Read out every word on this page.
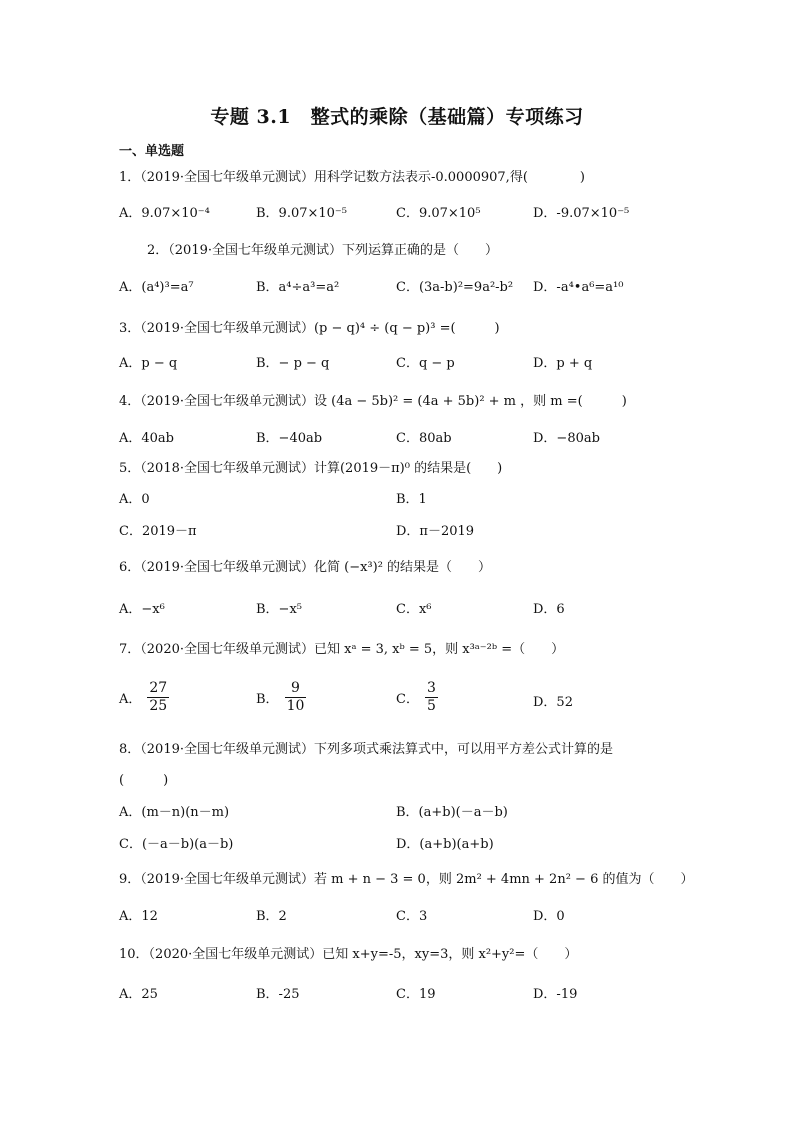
专题 3.1　整式的乘除（基础篇）专项练习
一、单选题
1．（2019·全国七年级单元测试）用科学记数方法表示-0.0000907,得(　　　　)
A．9.07×10⁻⁴	B．9.07×10⁻⁵	C．9.07×10⁵	D．-9.07×10⁻⁵
2．（2019·全国七年级单元测试）下列运算正确的是（　　）
A．(a⁴)³=a⁷	B．a⁴÷a³=a²	C．(3a-b)²=9a²-b² D．-a⁴•a⁶=a¹⁰
3．（2019·全国七年级单元测试）(p − q)⁴ ÷ (q − p)³ =(　　　)
A．p − q	B．− p − q	C．q − p	D．p + q
4．（2019·全国七年级单元测试）设 (4a − 5b)² = (4a + 5b)² + m ，则 m =(　　　)
A．40ab	B．−40ab	C．80ab	D．−80ab
5．（2018·全国七年级单元测试）计算(2019－π)⁰ 的结果是(　　)
A．0	B．1
C．2019－π	D．π－2019
6．（2019·全国七年级单元测试）化简 (−x³)² 的结果是（　　）
A．−x⁶	B．−x⁵	C．x⁶	D．6
7．（2020·全国七年级单元测试）已知 xᵃ = 3, xᵇ = 5，则 x³ᵃ⁻²ᵇ =（　　）
A． $\frac{27}{25}$	B． $\frac{9}{10}$	C． $\frac{3}{5}$	D．52
8．（2019·全国七年级单元测试）下列多项式乘法算式中，可以用平方差公式计算的是
(　　　)
A．(m－n)(n－m)	B．(a+b)(－a－b)
C．(－a－b)(a－b)	D．(a+b)(a+b)
9．（2019·全国七年级单元测试）若 m + n − 3 = 0，则 2m² + 4mn + 2n² − 6 的值为（　　）
A．12	B．2	C．3	D．0
10．（2020·全国七年级单元测试）已知 x+y=-5，xy=3，则 x²+y²=（　　）
A．25	B．-25	C．19	D．-19
